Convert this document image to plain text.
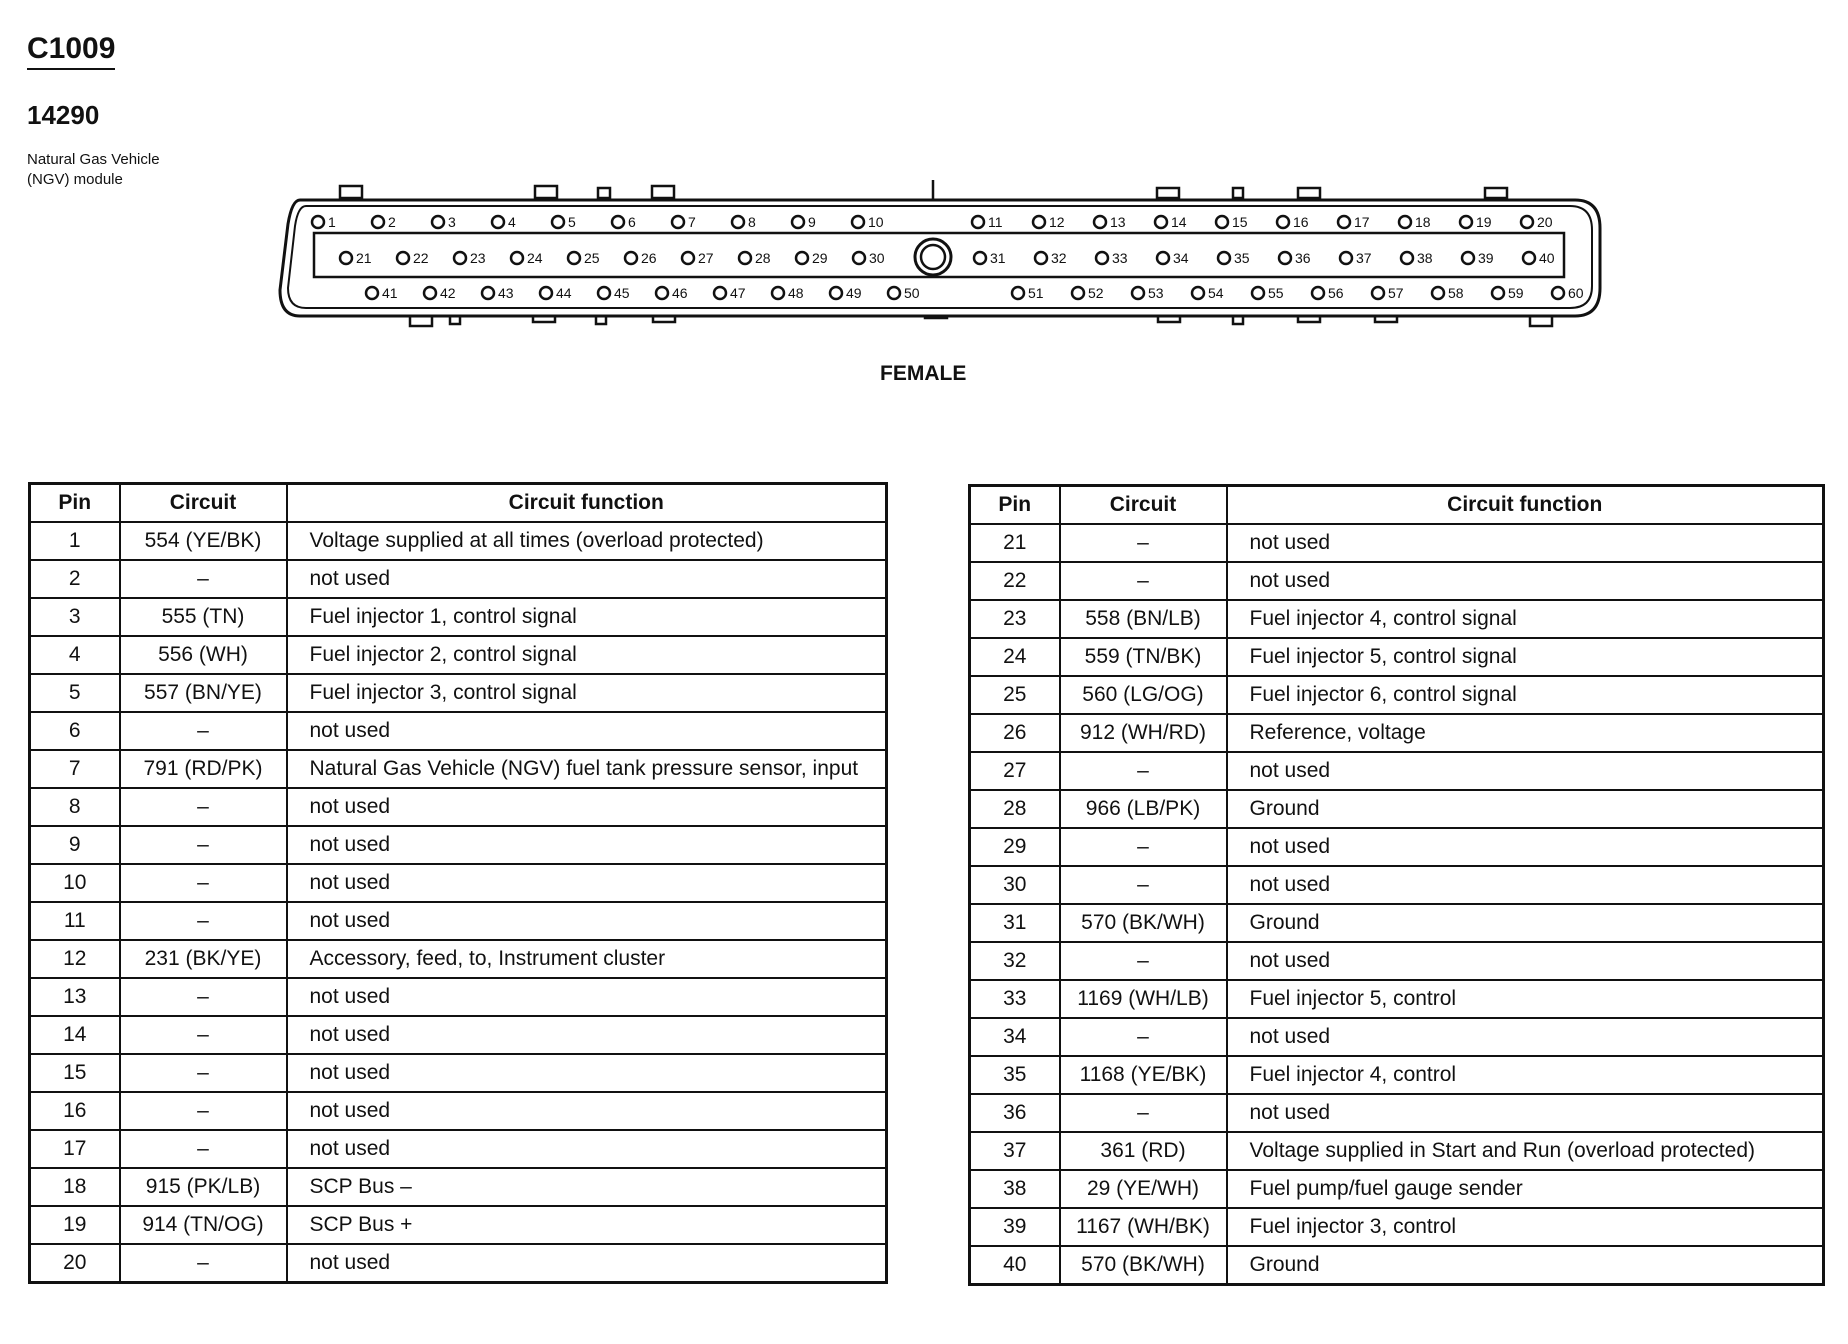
C1009
14290
Natural Gas Vehicle
(NGV) module
1	2	3	4	5	6	7	8	9	10	11	12	13	14	15	16	17	18	19	20
21	22	23	24	25	26	27	28	29	30	31	32	33	34	35	36	37	38	39	40
41	42	43	44	45	46	47	48	49	50	51	52	53	54	55	56	57	58	59	60
FEMALE
Pin	Circuit	Circuit function
1	554 (YE/BK)	Voltage supplied at all times (overload protected)
2	–	not used
3	555 (TN)	Fuel injector 1, control signal
4	556 (WH)	Fuel injector 2, control signal
5	557 (BN/YE)	Fuel injector 3, control signal
6	–	not used
7	791 (RD/PK)	Natural Gas Vehicle (NGV) fuel tank pressure sensor, input
8	–	not used
9	–	not used
10	–	not used
11	–	not used
12	231 (BK/YE)	Accessory, feed, to, Instrument cluster
13	–	not used
14	–	not used
15	–	not used
16	–	not used
17	–	not used
18	915 (PK/LB)	SCP Bus –
19	914 (TN/OG)	SCP Bus +
20	–	not used
Pin	Circuit	Circuit function
21	–	not used
22	–	not used
23	558 (BN/LB)	Fuel injector 4, control signal
24	559 (TN/BK)	Fuel injector 5, control signal
25	560 (LG/OG)	Fuel injector 6, control signal
26	912 (WH/RD)	Reference, voltage
27	–	not used
28	966 (LB/PK)	Ground
29	–	not used
30	–	not used
31	570 (BK/WH)	Ground
32	–	not used
33	1169 (WH/LB)	Fuel injector 5, control
34	–	not used
35	1168 (YE/BK)	Fuel injector 4, control
36	–	not used
37	361 (RD)	Voltage supplied in Start and Run (overload protected)
38	29 (YE/WH)	Fuel pump/fuel gauge sender
39	1167 (WH/BK)	Fuel injector 3, control
40	570 (BK/WH)	Ground
